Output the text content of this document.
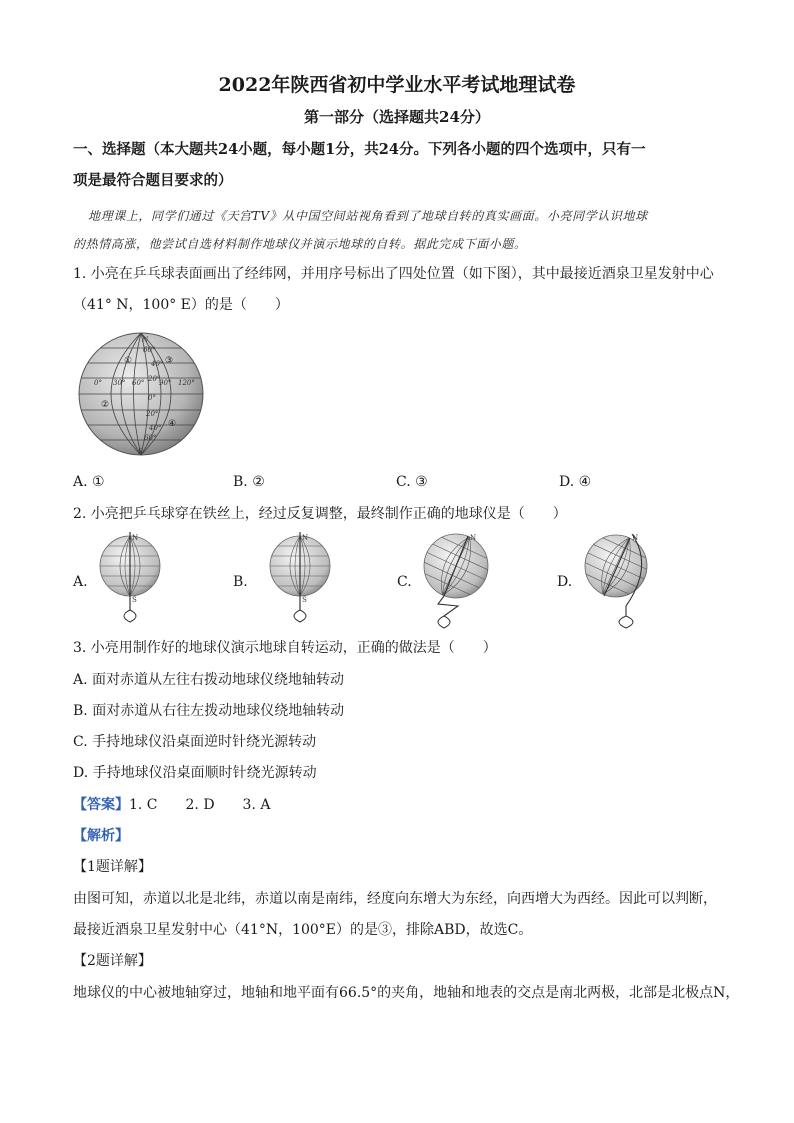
2022年陕西省初中学业水平考试地理试卷
第一部分（选择题共24分）
一、选择题（本大题共24小题，每小题1分，共24分。下列各小题的四个选项中，只有一
项是最符合题目要求的）
地理课上，同学们通过《天宫TV》从中国空间站视角看到了地球自转的真实画面。小亮同学认识地球
的热情高涨，他尝试自选材料制作地球仪并演示地球的自转。据此完成下面小题。
1. 小亮在乒乓球表面画出了经纬网，并用序号标出了四处位置（如下图），其中最接近酒泉卫星发射中心
（41° N，100° E）的是（　　）
N
S
60°
40°
20°
0°
20°
40°
60°
0° 30° 60° 90° 120°
①
②
③
④
A. ①	B. ②	C. ③	D. ④
2. 小亮把乒乓球穿在铁丝上，经过反复调整，最终制作正确的地球仪是（　　）
A.	B.	C.	D.
N
S
N
S
N	N
3. 小亮用制作好的地球仪演示地球自转运动，正确的做法是（　　）
A. 面对赤道从左往右拨动地球仪绕地轴转动
B. 面对赤道从右往左拨动地球仪绕地轴转动
C. 手持地球仪沿桌面逆时针绕光源转动
D. 手持地球仪沿桌面顺时针绕光源转动
【答案】1. C　　2. D　　3. A
【解析】
【1题详解】
由图可知，赤道以北是北纬，赤道以南是南纬，经度向东增大为东经，向西增大为西经。因此可以判断，
最接近酒泉卫星发射中心（41°N，100°E）的是③，排除ABD，故选C。
【2题详解】
地球仪的中心被地轴穿过，地轴和地平面有66.5°的夹角，地轴和地表的交点是南北两极，北部是北极点N，
